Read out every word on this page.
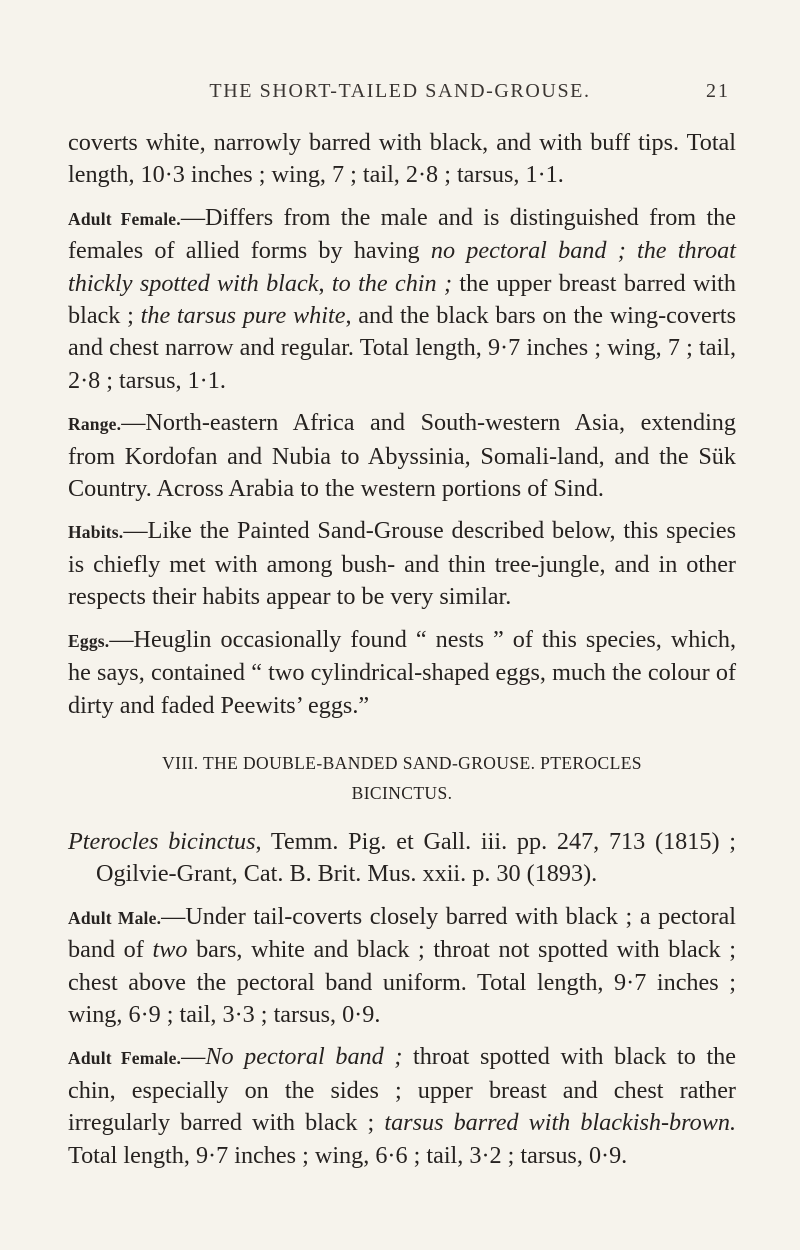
THE SHORT-TAILED SAND-GROUSE.	21

coverts white, narrowly barred with black, and with buff tips. Total length, 10·3 inches ; wing, 7 ; tail, 2·8 ; tarsus, 1·1.

Adult Female.—Differs from the male and is distinguished from the females of allied forms by having no pectoral band ; the throat thickly spotted with black, to the chin ; the upper breast barred with black ; the tarsus pure white, and the black bars on the wing-coverts and chest narrow and regular. Total length, 9·7 inches ; wing, 7 ; tail, 2·8 ; tarsus, 1·1.

Range.—North-eastern Africa and South-western Asia, extending from Kordofan and Nubia to Abyssinia, Somali-land, and the Sük Country. Across Arabia to the western portions of Sind.

Habits.—Like the Painted Sand-Grouse described below, this species is chiefly met with among bush- and thin tree-jungle, and in other respects their habits appear to be very similar.

Eggs.—Heuglin occasionally found “ nests ” of this species, which, he says, contained “ two cylindrical-shaped eggs, much the colour of dirty and faded Peewits’ eggs.”

VIII. THE DOUBLE-BANDED SAND-GROUSE. PTEROCLES
BICINCTUS.

Pterocles bicinctus, Temm. Pig. et Gall. iii. pp. 247, 713 (1815) ; Ogilvie-Grant, Cat. B. Brit. Mus. xxii. p. 30 (1893).

Adult Male.—Under tail-coverts closely barred with black ; a pectoral band of two bars, white and black ; throat not spotted with black ; chest above the pectoral band uniform. Total length, 9·7 inches ; wing, 6·9 ; tail, 3·3 ; tarsus, 0·9.

Adult Female.—No pectoral band ; throat spotted with black to the chin, especially on the sides ; upper breast and chest rather irregularly barred with black ; tarsus barred with blackish-brown. Total length, 9·7 inches ; wing, 6·6 ; tail, 3·2 ; tarsus, 0·9.
